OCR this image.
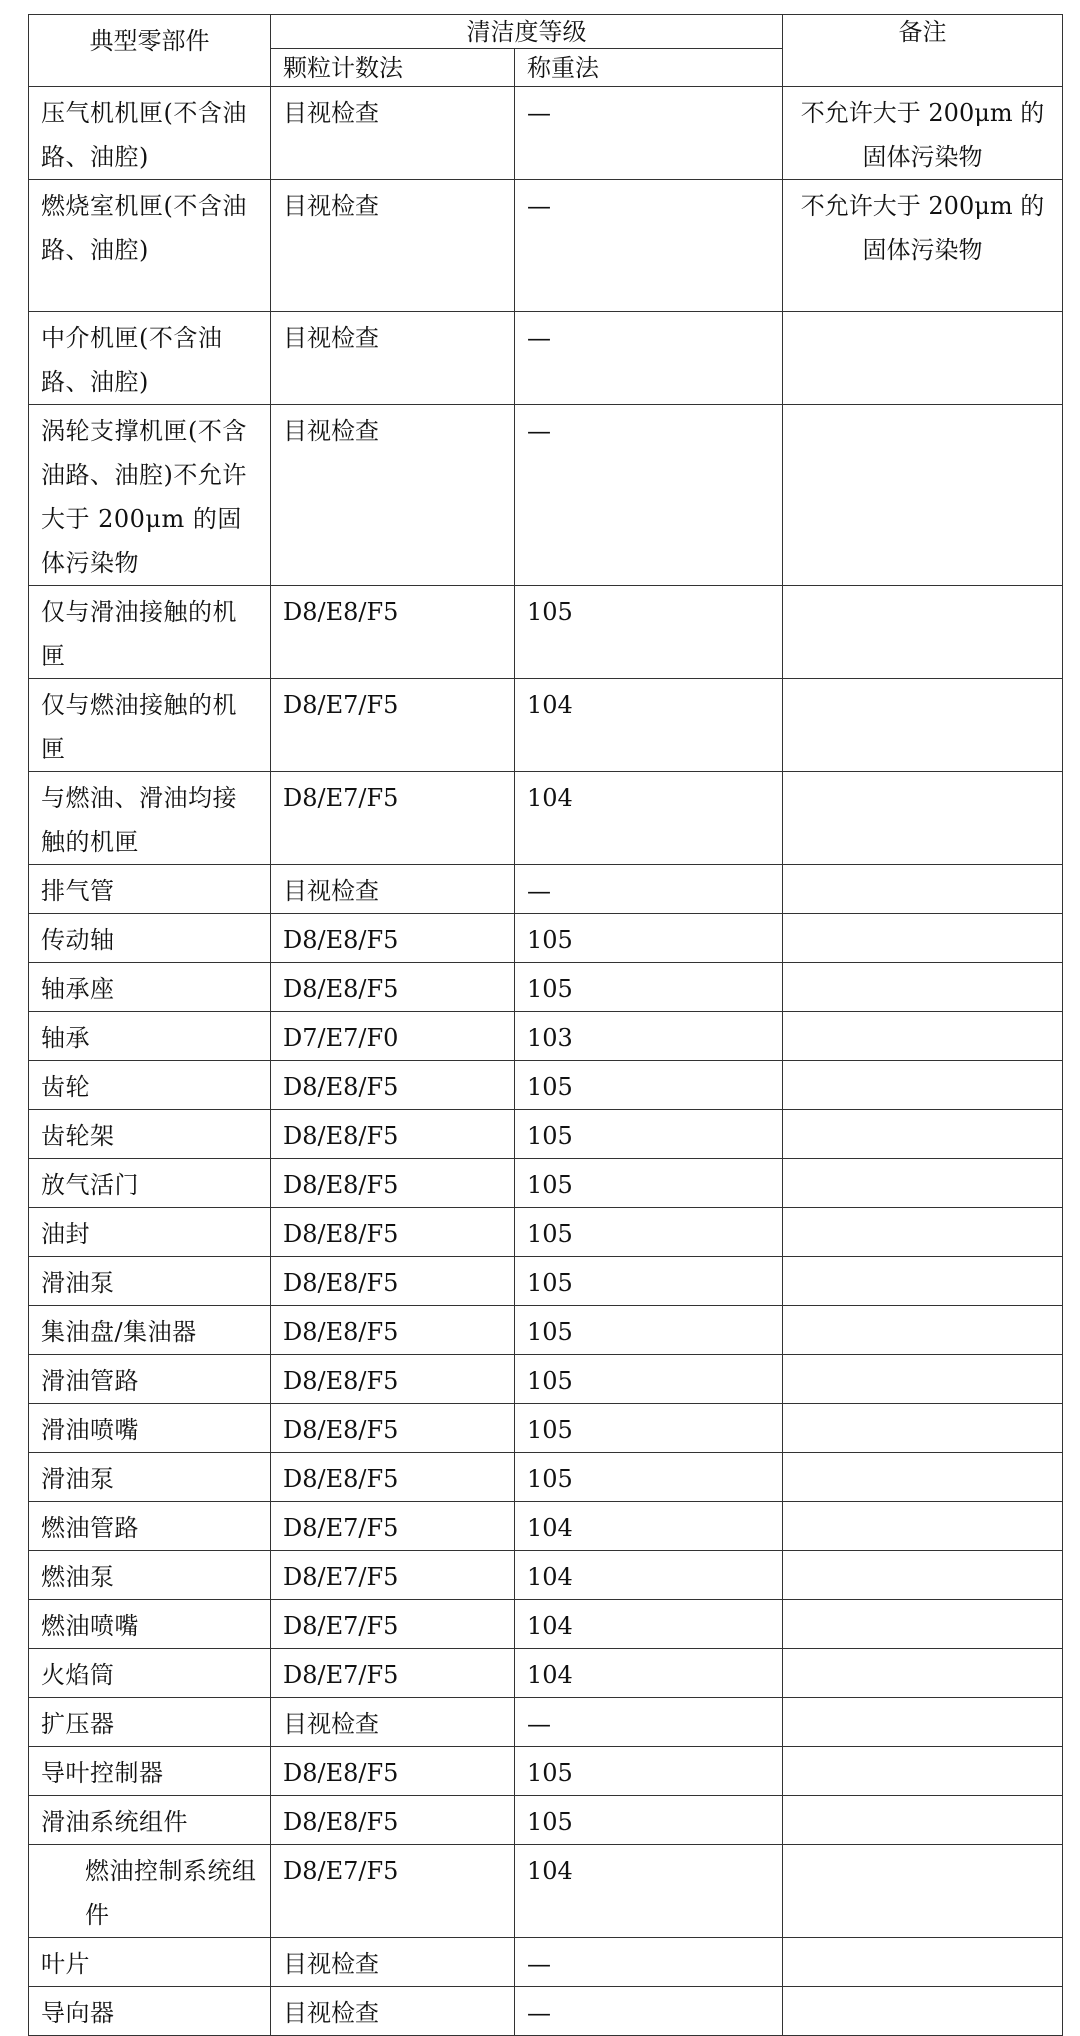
典型零部件	清洁度等级		备注
	颗粒计数法	称重法	
压气机机匣(不含油路、油腔)	目视检查	—	不允许大于 200μm 的固体污染物
燃烧室机匣(不含油路、油腔)	目视检查	—	不允许大于 200μm 的固体污染物
中介机匣(不含油路、油腔)	目视检查	—	
涡轮支撑机匣(不含油路、油腔)不允许大于 200μm 的固体污染物	目视检查	—	
仅与滑油接触的机匣	D8/E8/F5	105	
仅与燃油接触的机匣	D8/E7/F5	104	
与燃油、滑油均接触的机匣	D8/E7/F5	104	
排气管	目视检查	—	
传动轴	D8/E8/F5	105	
轴承座	D8/E8/F5	105	
轴承	D7/E7/F0	103	
齿轮	D8/E8/F5	105	
齿轮架	D8/E8/F5	105	
放气活门	D8/E8/F5	105	
油封	D8/E8/F5	105	
滑油泵	D8/E8/F5	105	
集油盘/集油器	D8/E8/F5	105	
滑油管路	D8/E8/F5	105	
滑油喷嘴	D8/E8/F5	105	
滑油泵	D8/E8/F5	105	
燃油管路	D8/E7/F5	104	
燃油泵	D8/E7/F5	104	
燃油喷嘴	D8/E7/F5	104	
火焰筒	D8/E7/F5	104	
扩压器	目视检查	—	
导叶控制器	D8/E8/F5	105	
滑油系统组件	D8/E8/F5	105	
燃油控制系统组件	D8/E7/F5	104	
叶片	目视检查	—	
导向器	目视检查	—	
